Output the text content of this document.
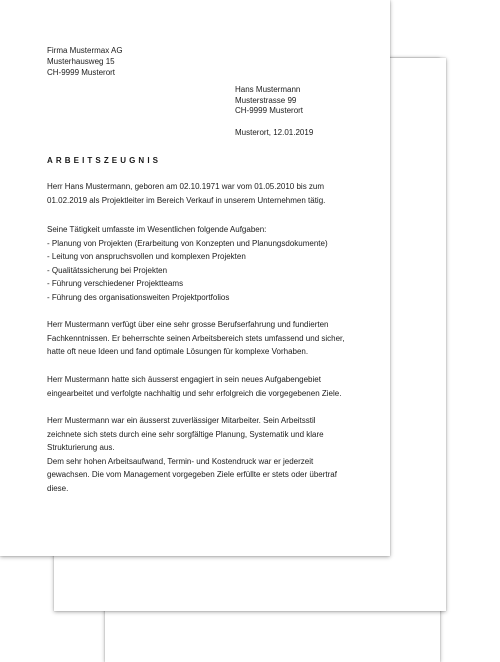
Firma Mustermax AG
Musterhausweg 15
CH-9999 Musterort
Hans Mustermann
Musterstrasse 99
CH-9999 Musterort
Musterort, 12.01.2019
ARBEITSZEUGNIS
Herr Hans Mustermann, geboren am 02.10.1971 war vom 01.05.2010 bis zum
01.02.2019 als Projektleiter im Bereich Verkauf in unserem Unternehmen tätig.
Seine Tätigkeit umfasste im Wesentlichen folgende Aufgaben:
- Planung von Projekten (Erarbeitung von Konzepten und Planungsdokumente)
- Leitung von anspruchsvollen und komplexen Projekten
- Qualitätssicherung bei Projekten
- Führung verschiedener Projektteams
- Führung des organisationsweiten Projektportfolios
Herr Mustermann verfügt über eine sehr grosse Berufserfahrung und fundierten
Fachkenntnissen. Er beherrschte seinen Arbeitsbereich stets umfassend und sicher,
hatte oft neue Ideen und fand optimale Lösungen für komplexe Vorhaben.
Herr Mustermann hatte sich äusserst engagiert in sein neues Aufgabengebiet
eingearbeitet und verfolgte nachhaltig und sehr erfolgreich die vorgegebenen Ziele.
Herr Mustermann war ein äusserst zuverlässiger Mitarbeiter. Sein Arbeitsstil
zeichnete sich stets durch eine sehr sorgfältige Planung, Systematik und klare
Strukturierung aus.
Dem sehr hohen Arbeitsaufwand, Termin- und Kostendruck war er jederzeit
gewachsen. Die vom Management vorgegeben Ziele erfüllte er stets oder übertraf
diese.
